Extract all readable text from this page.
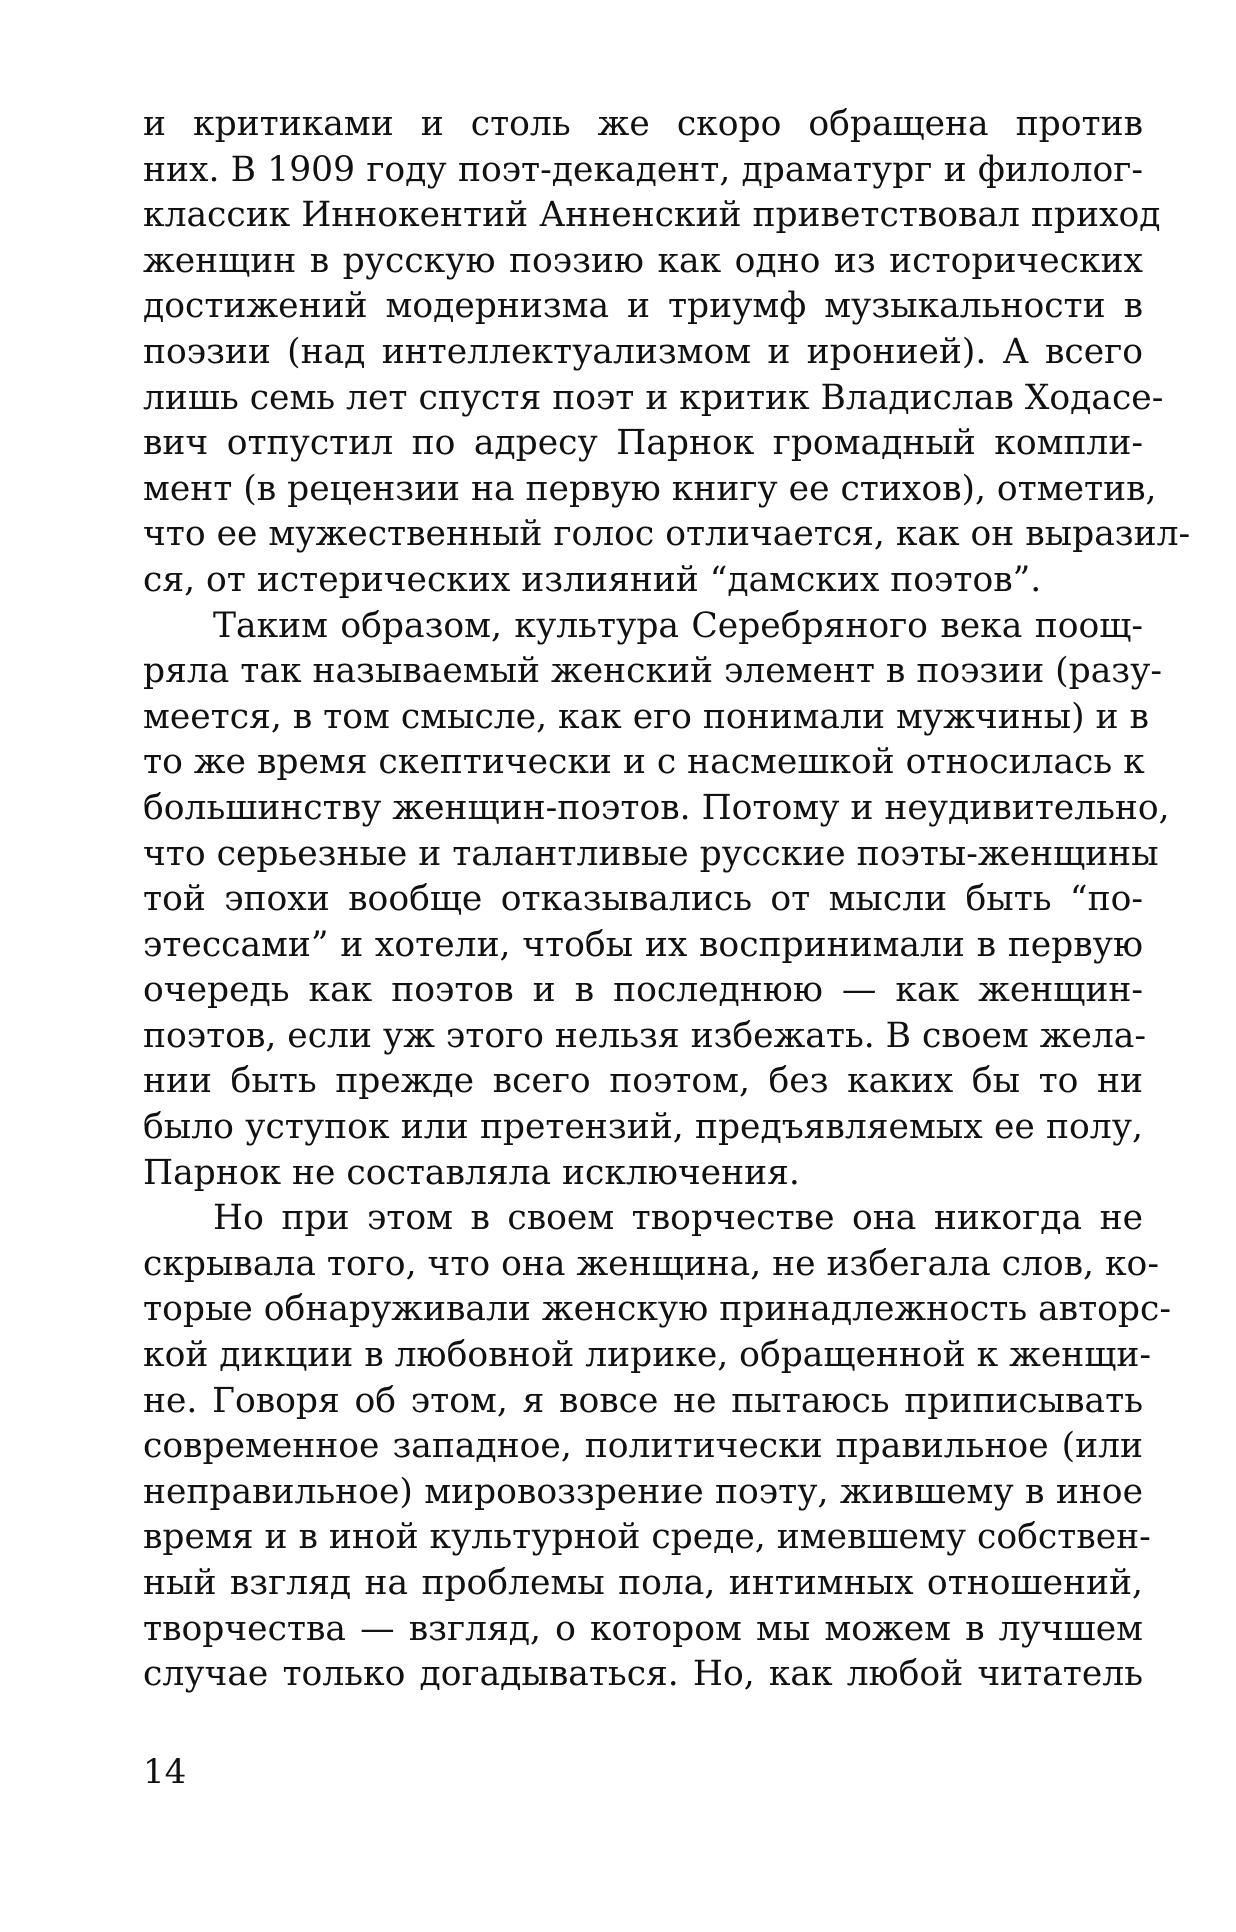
и критиками и столь же скоро обращена против
них. В 1909 году поэт-декадент, драматург и филолог-
классик Иннокентий Анненский приветствовал приход
женщин в русскую поэзию как одно из исторических
достижений модернизма и триумф музыкальности в
поэзии (над интеллектуализмом и иронией). А всего
лишь семь лет спустя поэт и критик Владислав Ходасе-
вич отпустил по адресу Парнок громадный компли-
мент (в рецензии на первую книгу ее стихов), отметив,
что ее мужественный голос отличается, как он выразил-
ся, от истерических излияний “дамских поэтов”.
Таким образом, культура Серебряного века поощ-
ряла так называемый женский элемент в поэзии (разу-
меется, в том смысле, как его понимали мужчины) и в
то же время скептически и с насмешкой относилась к
большинству женщин-поэтов. Потому и неудивительно,
что серьезные и талантливые русские поэты-женщины
той эпохи вообще отказывались от мысли быть “по-
этессами” и хотели, чтобы их воспринимали в первую
очередь как поэтов и в последнюю — как женщин-
поэтов, если уж этого нельзя избежать. В своем жела-
нии быть прежде всего поэтом, без каких бы то ни
было уступок или претензий, предъявляемых ее полу,
Парнок не составляла исключения.
Но при этом в своем творчестве она никогда не
скрывала того, что она женщина, не избегала слов, ко-
торые обнаруживали женскую принадлежность авторс-
кой дикции в любовной лирике, обращенной к женщи-
не. Говоря об этом, я вовсе не пытаюсь приписывать
современное западное, политически правильное (или
неправильное) мировоззрение поэту, жившему в иное
время и в иной культурной среде, имевшему собствен-
ный взгляд на проблемы пола, интимных отношений,
творчества — взгляд, о котором мы можем в лучшем
случае только догадываться. Но, как любой читатель
14
